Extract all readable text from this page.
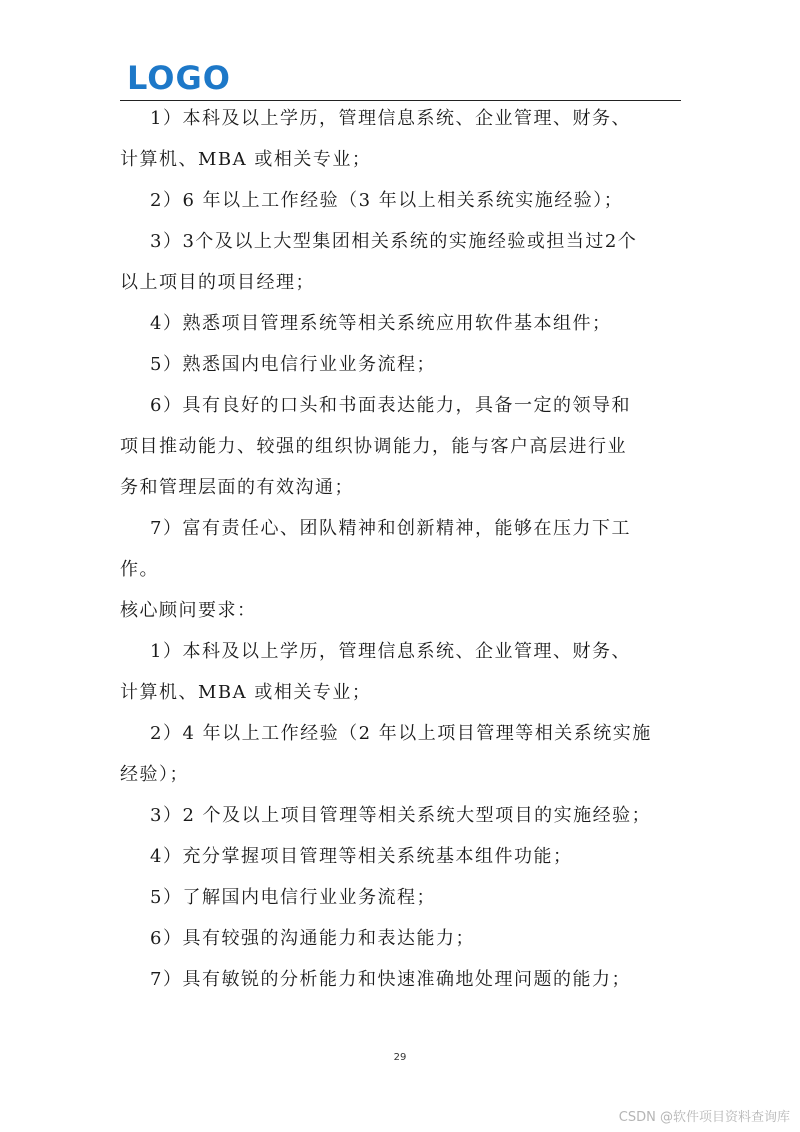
LOGO
1）本科及以上学历，管理信息系统、企业管理、财务、
计算机、MBA 或相关专业；
2）6 年以上工作经验（3 年以上相关系统实施经验）；
3）3个及以上大型集团相关系统的实施经验或担当过2个
以上项目的项目经理；
4）熟悉项目管理系统等相关系统应用软件基本组件；
5）熟悉国内电信行业业务流程；
6）具有良好的口头和书面表达能力，具备一定的领导和
项目推动能力、较强的组织协调能力，能与客户高层进行业
务和管理层面的有效沟通；
7）富有责任心、团队精神和创新精神，能够在压力下工
作。
核心顾问要求：
1）本科及以上学历，管理信息系统、企业管理、财务、
计算机、MBA 或相关专业；
2）4 年以上工作经验（2 年以上项目管理等相关系统实施
经验）；
3）2 个及以上项目管理等相关系统大型项目的实施经验；
4）充分掌握项目管理等相关系统基本组件功能；
5）了解国内电信行业业务流程；
6）具有较强的沟通能力和表达能力；
7）具有敏锐的分析能力和快速准确地处理问题的能力；
29
CSDN @软件项目资料查询库
